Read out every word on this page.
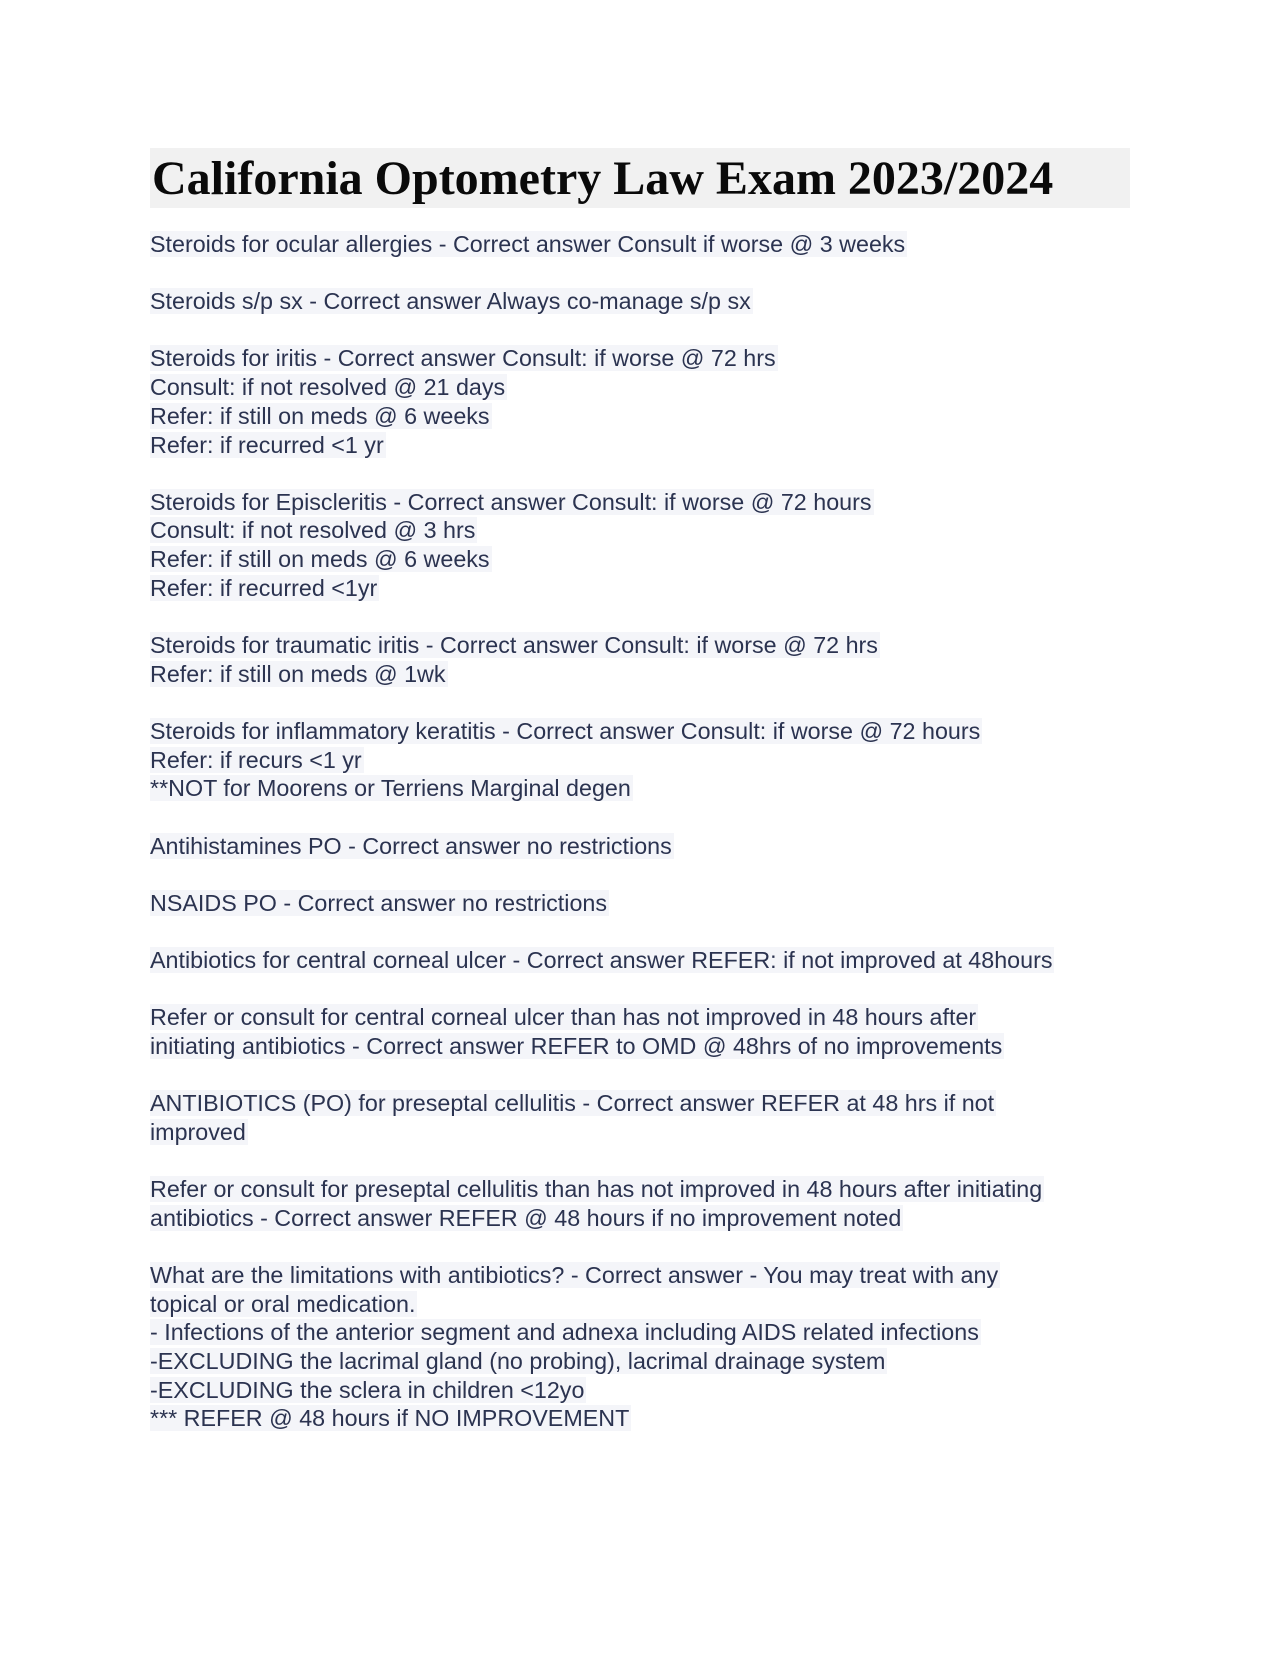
California Optometry Law Exam 2023/2024
Steroids for ocular allergies - Correct answer Consult if worse @ 3 weeks
Steroids s/p sx - Correct answer Always co-manage s/p sx
Steroids for iritis - Correct answer Consult: if worse @ 72 hrs
Consult: if not resolved @ 21 days
Refer: if still on meds @ 6 weeks
Refer: if recurred <1 yr
Steroids for Episcleritis - Correct answer Consult: if worse @ 72 hours
Consult: if not resolved @ 3 hrs
Refer: if still on meds @ 6 weeks
Refer: if recurred <1yr
Steroids for traumatic iritis - Correct answer Consult: if worse @ 72 hrs
Refer: if still on meds @ 1wk
Steroids for inflammatory keratitis - Correct answer Consult: if worse @ 72 hours
Refer: if recurs <1 yr
**NOT for Moorens or Terriens Marginal degen
Antihistamines PO - Correct answer no restrictions
NSAIDS PO - Correct answer no restrictions
Antibiotics for central corneal ulcer - Correct answer REFER: if not improved at 48hours
Refer or consult for central corneal ulcer than has not improved in 48 hours after
initiating antibiotics - Correct answer REFER to OMD @ 48hrs of no improvements
ANTIBIOTICS (PO) for preseptal cellulitis - Correct answer REFER at 48 hrs if not
improved
Refer or consult for preseptal cellulitis than has not improved in 48 hours after initiating
antibiotics - Correct answer REFER @ 48 hours if no improvement noted
What are the limitations with antibiotics? - Correct answer - You may treat with any
topical or oral medication.
- Infections of the anterior segment and adnexa including AIDS related infections
-EXCLUDING the lacrimal gland (no probing), lacrimal drainage system
-EXCLUDING the sclera in children <12yo
*** REFER @ 48 hours if NO IMPROVEMENT
